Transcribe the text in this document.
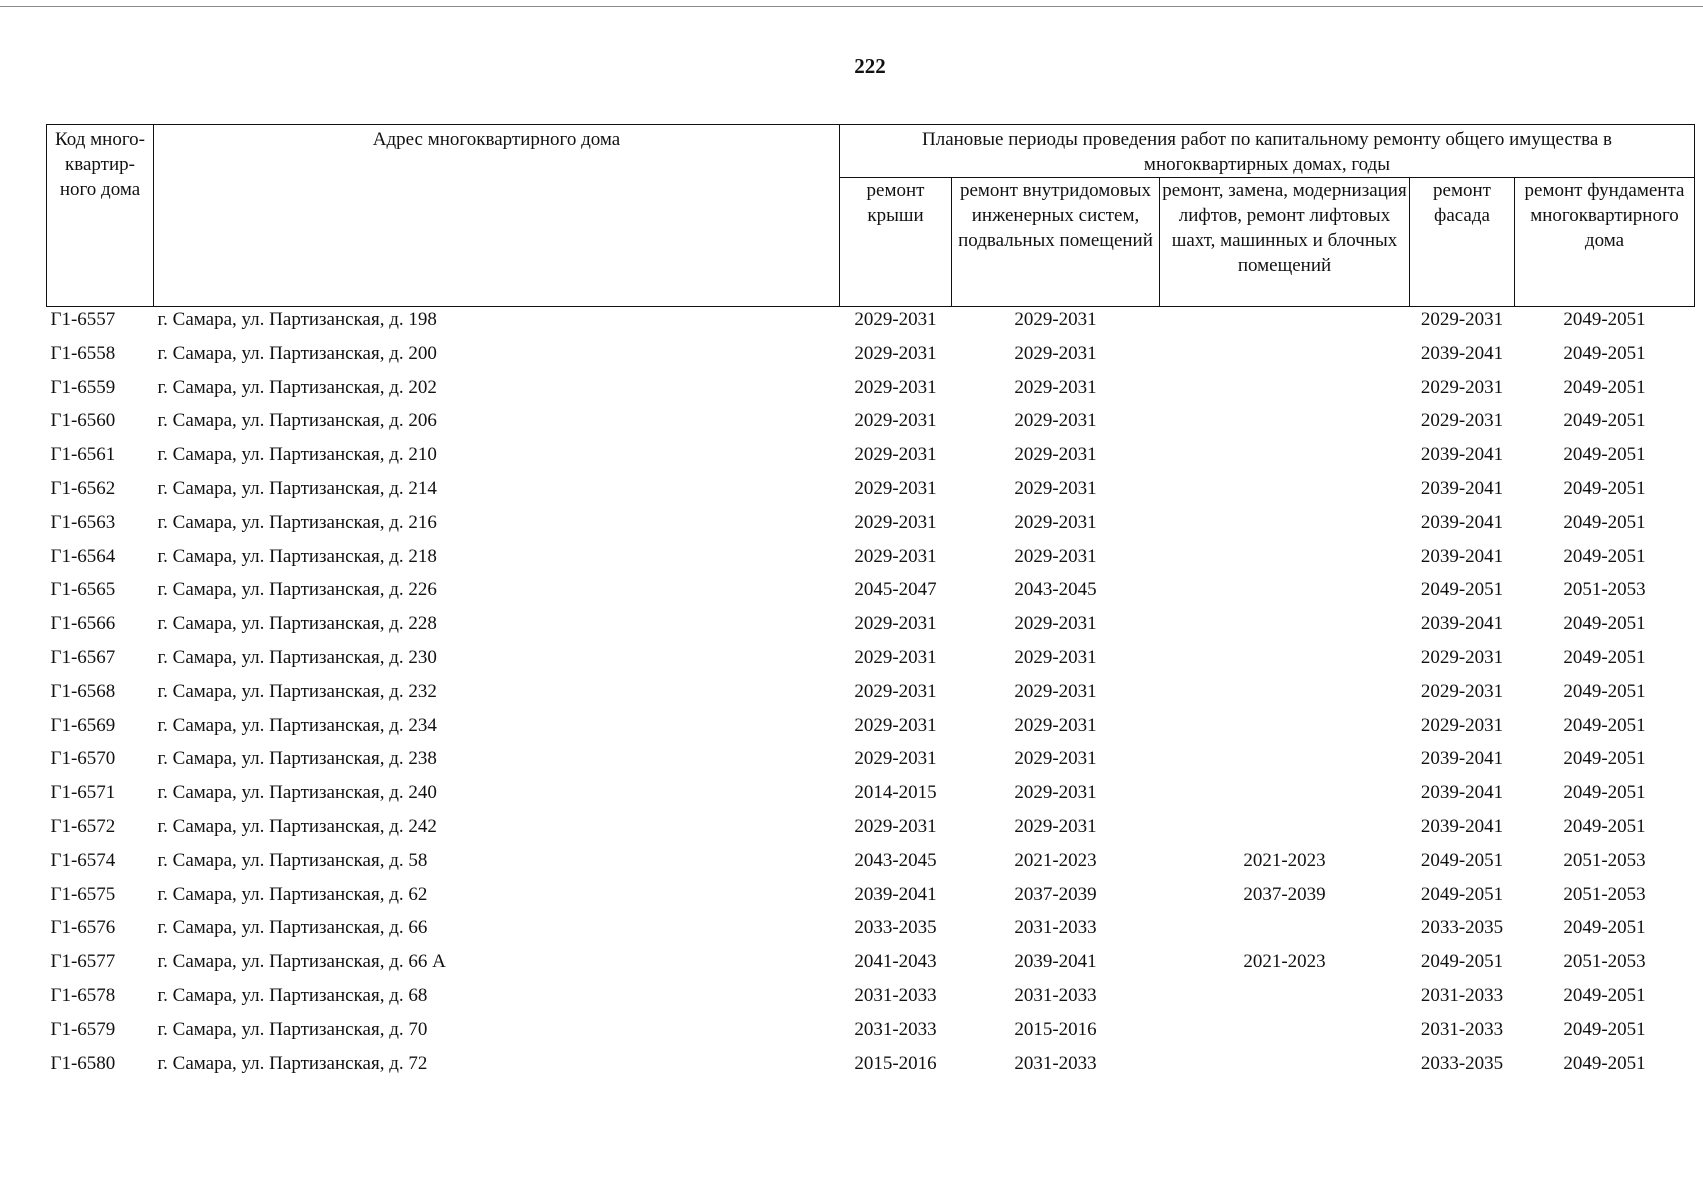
222
Код много-квартир-ного дома	Адрес многоквартирного дома	Плановые периоды проведения работ по капитальному ремонту общего имущества в многоквартирных домах, годы				
		ремонт крыши	ремонт внутридомовых инженерных систем, подвальных помещений	ремонт, замена, модернизация лифтов, ремонт лифтовых шахт, машинных и блочных помещений	ремонт фасада	ремонт фундамента многоквартирного дома
Г1-6557	г. Самара, ул. Партизанская, д. 198	2029-2031	2029-2031		2029-2031	2049-2051
Г1-6558	г. Самара, ул. Партизанская, д. 200	2029-2031	2029-2031		2039-2041	2049-2051
Г1-6559	г. Самара, ул. Партизанская, д. 202	2029-2031	2029-2031		2029-2031	2049-2051
Г1-6560	г. Самара, ул. Партизанская, д. 206	2029-2031	2029-2031		2029-2031	2049-2051
Г1-6561	г. Самара, ул. Партизанская, д. 210	2029-2031	2029-2031		2039-2041	2049-2051
Г1-6562	г. Самара, ул. Партизанская, д. 214	2029-2031	2029-2031		2039-2041	2049-2051
Г1-6563	г. Самара, ул. Партизанская, д. 216	2029-2031	2029-2031		2039-2041	2049-2051
Г1-6564	г. Самара, ул. Партизанская, д. 218	2029-2031	2029-2031		2039-2041	2049-2051
Г1-6565	г. Самара, ул. Партизанская, д. 226	2045-2047	2043-2045		2049-2051	2051-2053
Г1-6566	г. Самара, ул. Партизанская, д. 228	2029-2031	2029-2031		2039-2041	2049-2051
Г1-6567	г. Самара, ул. Партизанская, д. 230	2029-2031	2029-2031		2029-2031	2049-2051
Г1-6568	г. Самара, ул. Партизанская, д. 232	2029-2031	2029-2031		2029-2031	2049-2051
Г1-6569	г. Самара, ул. Партизанская, д. 234	2029-2031	2029-2031		2029-2031	2049-2051
Г1-6570	г. Самара, ул. Партизанская, д. 238	2029-2031	2029-2031		2039-2041	2049-2051
Г1-6571	г. Самара, ул. Партизанская, д. 240	2014-2015	2029-2031		2039-2041	2049-2051
Г1-6572	г. Самара, ул. Партизанская, д. 242	2029-2031	2029-2031		2039-2041	2049-2051
Г1-6574	г. Самара, ул. Партизанская, д. 58	2043-2045	2021-2023	2021-2023	2049-2051	2051-2053
Г1-6575	г. Самара, ул. Партизанская, д. 62	2039-2041	2037-2039	2037-2039	2049-2051	2051-2053
Г1-6576	г. Самара, ул. Партизанская, д. 66	2033-2035	2031-2033		2033-2035	2049-2051
Г1-6577	г. Самара, ул. Партизанская, д. 66 А	2041-2043	2039-2041	2021-2023	2049-2051	2051-2053
Г1-6578	г. Самара, ул. Партизанская, д. 68	2031-2033	2031-2033		2031-2033	2049-2051
Г1-6579	г. Самара, ул. Партизанская, д. 70	2031-2033	2015-2016		2031-2033	2049-2051
Г1-6580	г. Самара, ул. Партизанская, д. 72	2015-2016	2031-2033		2033-2035	2049-2051
